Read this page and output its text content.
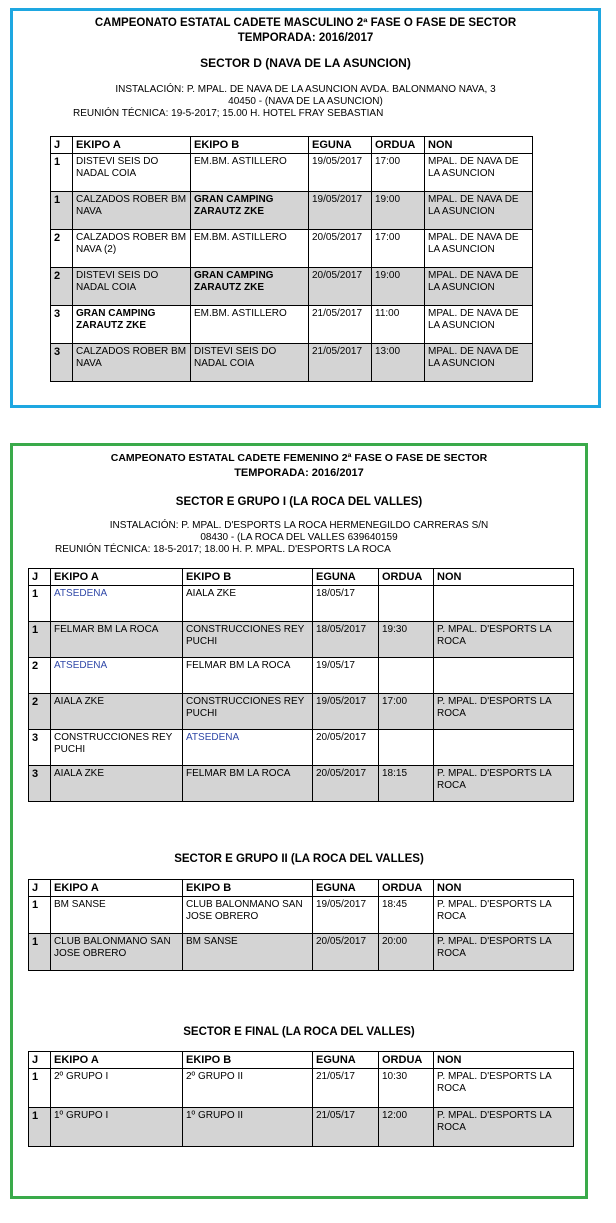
CAMPEONATO ESTATAL CADETE MASCULINO 2ª FASE O FASE DE SECTOR
TEMPORADA: 2016/2017
SECTOR D (NAVA DE LA ASUNCION)
INSTALACIÓN: P. MPAL. DE NAVA DE LA ASUNCION AVDA. BALONMANO NAVA, 3
40450 - (NAVA DE LA ASUNCION)
REUNIÓN TÉCNICA: 19-5-2017; 15.00 H. HOTEL FRAY SEBASTIAN
J	EKIPO A	EKIPO B	EGUNA	ORDUA	NON
1	DISTEVI SEIS DO NADAL COIA	EM.BM. ASTILLERO	19/05/2017	17:00	MPAL. DE NAVA DE LA ASUNCION
1	CALZADOS ROBER BM NAVA	GRAN CAMPING ZARAUTZ ZKE	19/05/2017	19:00	MPAL. DE NAVA DE LA ASUNCION
2	CALZADOS ROBER BM NAVA (2)	EM.BM. ASTILLERO	20/05/2017	17:00	MPAL. DE NAVA DE LA ASUNCION
2	DISTEVI SEIS DO NADAL COIA	GRAN CAMPING ZARAUTZ ZKE	20/05/2017	19:00	MPAL. DE NAVA DE LA ASUNCION
3	GRAN CAMPING ZARAUTZ ZKE	EM.BM. ASTILLERO	21/05/2017	11:00	MPAL. DE NAVA DE LA ASUNCION
3	CALZADOS ROBER BM NAVA	DISTEVI SEIS DO NADAL COIA	21/05/2017	13:00	MPAL. DE NAVA DE LA ASUNCION
CAMPEONATO ESTATAL CADETE FEMENINO 2ª FASE O FASE DE SECTOR
TEMPORADA: 2016/2017
SECTOR E GRUPO I (LA ROCA DEL VALLES)
INSTALACIÓN: P. MPAL. D'ESPORTS LA ROCA HERMENEGILDO CARRERAS S/N
08430 - (LA ROCA DEL VALLES 639640159
REUNIÓN TÉCNICA: 18-5-2017; 18.00 H. P. MPAL. D'ESPORTS LA ROCA
J	EKIPO A	EKIPO B	EGUNA	ORDUA	NON
1	ATSEDENA	AIALA ZKE	18/05/17		
1	FELMAR BM LA ROCA	CONSTRUCCIONES REY PUCHI	18/05/2017	19:30	P. MPAL. D'ESPORTS LA ROCA
2	ATSEDENA	FELMAR BM LA ROCA	19/05/17		
2	AIALA ZKE	CONSTRUCCIONES REY PUCHI	19/05/2017	17:00	P. MPAL. D'ESPORTS LA ROCA
3	CONSTRUCCIONES REY PUCHI	ATSEDENA	20/05/2017		
3	AIALA ZKE	FELMAR BM LA ROCA	20/05/2017	18:15	P. MPAL. D'ESPORTS LA ROCA
SECTOR E GRUPO II (LA ROCA DEL VALLES)
J	EKIPO A	EKIPO B	EGUNA	ORDUA	NON
1	BM SANSE	CLUB BALONMANO SAN JOSE OBRERO	19/05/2017	18:45	P. MPAL. D'ESPORTS LA ROCA
1	CLUB BALONMANO SAN JOSE OBRERO	BM SANSE	20/05/2017	20:00	P. MPAL. D'ESPORTS LA ROCA
SECTOR E FINAL (LA ROCA DEL VALLES)
J	EKIPO A	EKIPO B	EGUNA	ORDUA	NON
1	2º GRUPO I	2º GRUPO II	21/05/17	10:30	P. MPAL. D'ESPORTS LA ROCA
1	1º GRUPO I	1º GRUPO II	21/05/17	12:00	P. MPAL. D'ESPORTS LA ROCA
